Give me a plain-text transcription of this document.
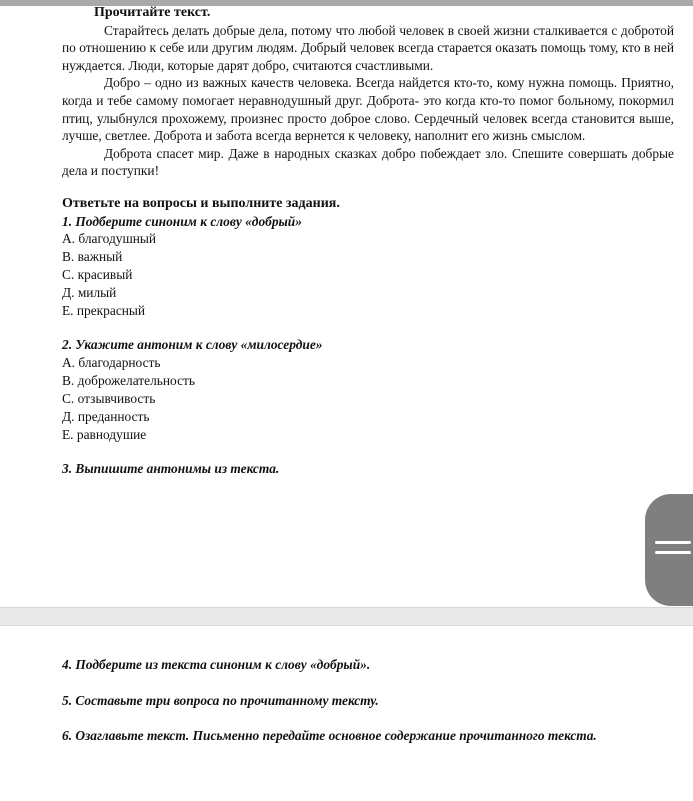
Прочитайте текст.

Старайтесь делать добрые дела, потому что любой человек в своей жизни сталкивается с добротой по отношению к себе или другим людям. Добрый человек всегда старается оказать помощь тому, кто в ней нуждается. Люди, которые дарят добро, считаются счастливыми.

Добро – одно из важных качеств человека. Всегда найдется кто-то, кому нужна помощь. Приятно, когда и тебе самому помогает неравнодушный друг. Доброта- это когда кто-то помог больному, покормил птиц, улыбнулся прохожему, произнес просто доброе слово. Сердечный человек всегда становится выше, лучше, светлее. Доброта и забота всегда вернется к человеку, наполнит его жизнь смыслом.

Доброта спасет мир. Даже в народных сказках добро побеждает зло. Спешите совершать добрые дела и поступки!

Ответьте на вопросы и выполните задания.
1. Подберите синоним к слову «добрый»
А. благодушный
В. важный
С. красивый
Д. милый
Е. прекрасный
2. Укажите антоним к слову «милосердие»
А. благодарность
В. доброжелательность
С. отзывчивость
Д. преданность
Е. равнодушие
3. Выпишите антонимы из текста.
4. Подберите из текста синоним к слову «добрый».
5. Составьте три вопроса по прочитанному тексту.
6. Озаглавьте текст. Письменно передайте основное содержание прочитанного текста.
